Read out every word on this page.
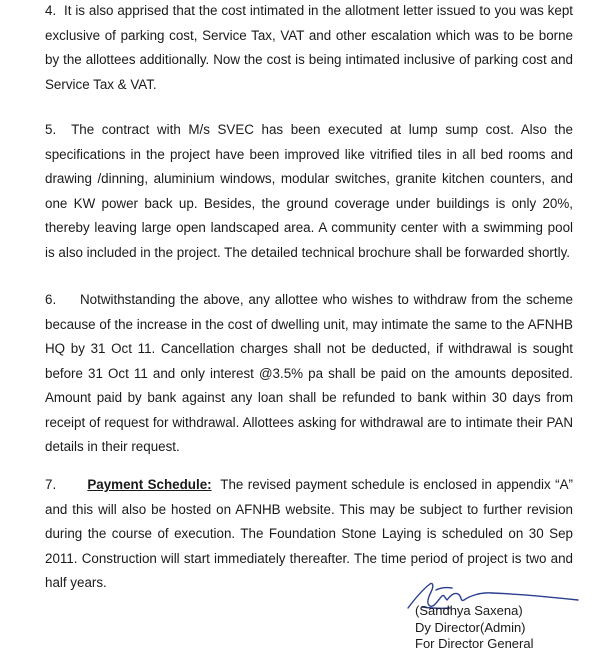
4. It is also apprised that the cost intimated in the allotment letter issued to you was kept exclusive of parking cost, Service Tax, VAT and other escalation which was to be borne by the allottees additionally. Now the cost is being intimated inclusive of parking cost and Service Tax & VAT.

5. The contract with M/s SVEC has been executed at lump sump cost. Also the specifications in the project have been improved like vitrified tiles in all bed rooms and drawing /dinning, aluminium windows, modular switches, granite kitchen counters, and one KW power back up. Besides, the ground coverage under buildings is only 20%, thereby leaving large open landscaped area. A community center with a swimming pool is also included in the project. The detailed technical brochure shall be forwarded shortly.

6. Notwithstanding the above, any allottee who wishes to withdraw from the scheme because of the increase in the cost of dwelling unit, may intimate the same to the AFNHB HQ by 31 Oct 11. Cancellation charges shall not be deducted, if withdrawal is sought before 31 Oct 11 and only interest @3.5% pa shall be paid on the amounts deposited. Amount paid by bank against any loan shall be refunded to bank within 30 days from receipt of request for withdrawal. Allottees asking for withdrawal are to intimate their PAN details in their request.

7. Payment Schedule: The revised payment schedule is enclosed in appendix “A” and this will also be hosted on AFNHB website. This may be subject to further revision during the course of execution. The Foundation Stone Laying is scheduled on 30 Sep 2011. Construction will start immediately thereafter. The time period of project is two and half years.

(Sandhya Saxena)
Dy Director(Admin)
For Director General
